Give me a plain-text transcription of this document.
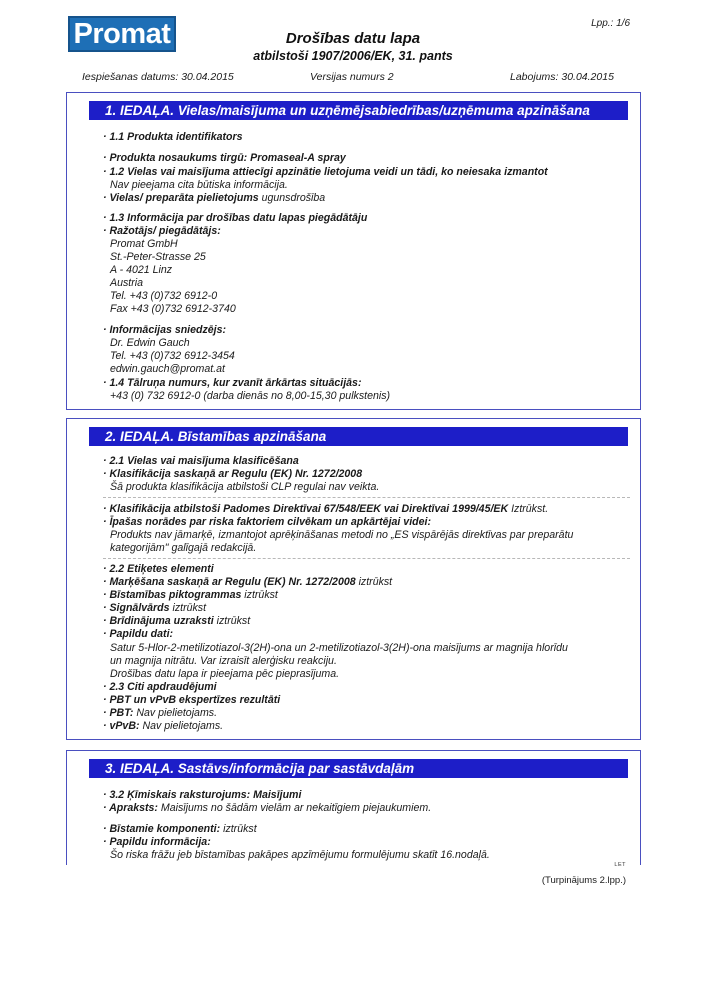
Promat	Lpp.: 1/6
Drošības datu lapa
atbilstoši 1907/2006/EK, 31. pants
Iespiešanas datums: 30.04.2015	Versijas numurs 2	Labojums: 30.04.2015
1. IEDAĻA. Vielas/maisījuma un uzņēmējsabiedrības/uzņēmuma apzināšana
· 1.1 Produkta identifikators
· Produkta nosaukums tirgū: Promaseal-A spray
· 1.2 Vielas vai maisījuma attiecīgi apzinātie lietojuma veidi un tādi, ko neiesaka izmantot
Nav pieejama cita būtiska informācija.
· Vielas/ preparāta pielietojums ugunsdrošība
· 1.3 Informācija par drošības datu lapas piegādātāju
· Ražotājs/ piegādātājs:
Promat GmbH
St.-Peter-Strasse 25
A - 4021 Linz
Austria
Tel. +43 (0)732 6912-0
Fax +43 (0)732 6912-3740
· Informācijas sniedzējs:
Dr. Edwin Gauch
Tel. +43 (0)732 6912-3454
edwin.gauch@promat.at
· 1.4 Tālruņa numurs, kur zvanīt ārkārtas situācijās:
+43 (0) 732 6912-0 (darba dienās no 8,00-15,30 pulkstenis)
2. IEDAĻA. Bīstamības apzināšana
· 2.1 Vielas vai maisījuma klasificēšana
· Klasifikācija saskaņā ar Regulu (EK) Nr. 1272/2008
Šā produkta klasifikācija atbilstoši CLP regulai nav veikta.
· Klasifikācija atbilstoši Padomes Direktīvai 67/548/EEK vai Direktīvai 1999/45/EK Iztrūkst.
· Īpašas norādes par riska faktoriem cilvēkam un apkārtējai videi:
Produkts nav jāmarķē, izmantojot aprēķināšanas metodi no „ES vispārējās direktīvas par preparātu
kategorijām" galīgajā redakcijā.
· 2.2 Etiķetes elementi
· Marķēšana saskaņā ar Regulu (EK) Nr. 1272/2008 iztrūkst
· Bīstamības piktogrammas iztrūkst
· Signālvārds iztrūkst
· Brīdinājuma uzraksti iztrūkst
· Papildu dati:
Satur 5-Hlor-2-metilizotiazol-3(2H)-ona un 2-metilizotiazol-3(2H)-ona maisījums ar magnija hlorīdu
un magnija nitrātu. Var izraisīt alerģisku reakciju.
Drošības datu lapa ir pieejama pēc pieprasījuma.
· 2.3 Citi apdraudējumi
· PBT un vPvB ekspertīzes rezultāti
· PBT: Nav pielietojams.
· vPvB: Nav pielietojams.
3. IEDAĻA. Sastāvs/informācija par sastāvdaļām
· 3.2 Ķīmiskais raksturojums: Maisījumi
· Apraksts: Maisījums no šādām vielām ar nekaitīgiem piejaukumiem.
· Bīstamie komponenti: iztrūkst
· Papildu informācija:
Šo riska frāžu jeb bīstamības pakāpes apzīmējumu formulējumu skatīt 16.nodaļā.
LET
(Turpinājums 2.lpp.)
